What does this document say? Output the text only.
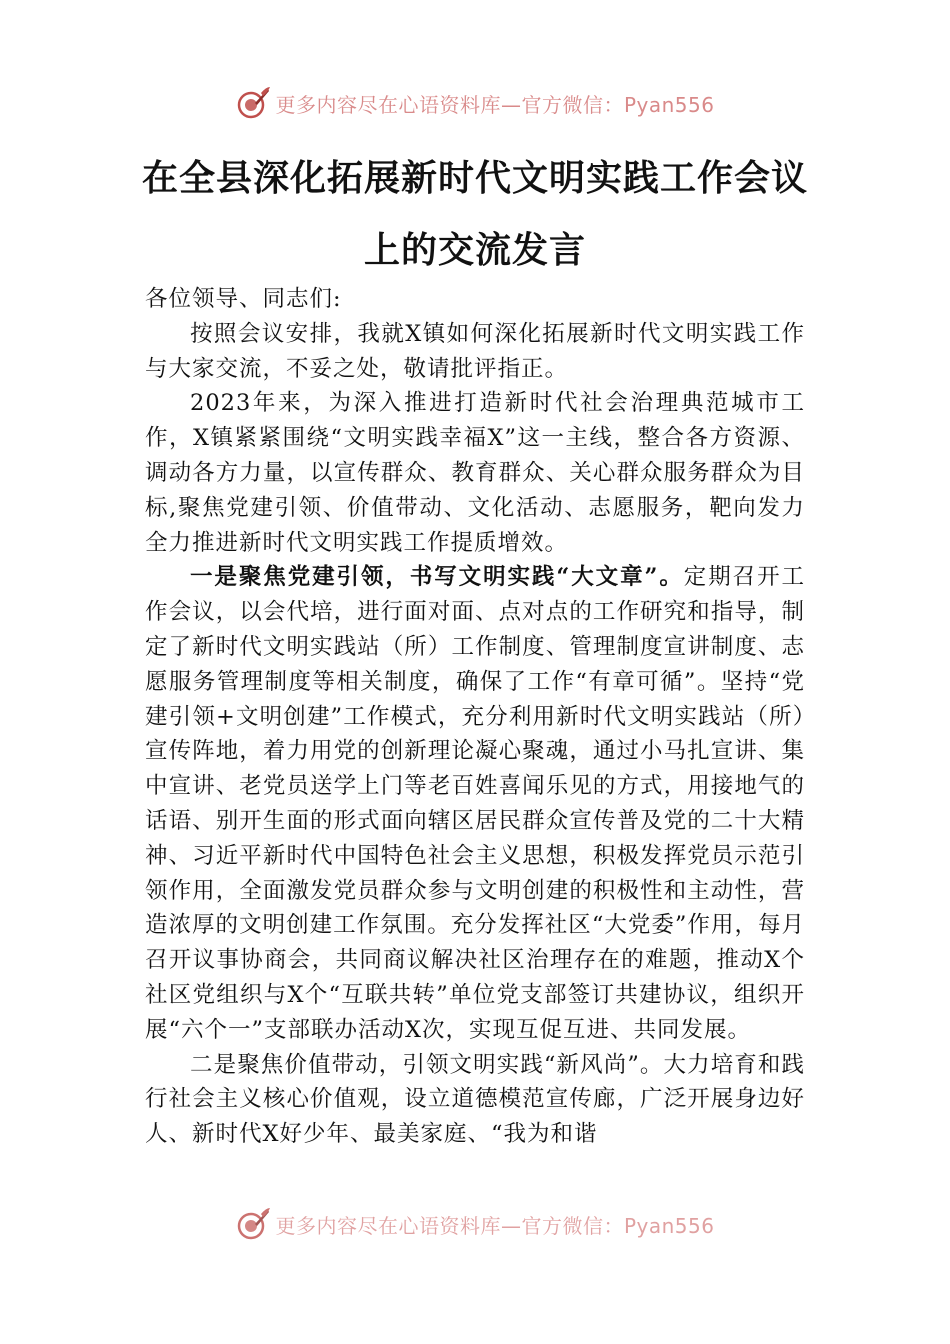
更多内容尽在心语资料库—官方微信：Pyan556
在全县深化拓展新时代文明实践工作会议
上的交流发言

各位领导、同志们:

按照会议安排，我就X镇如何深化拓展新时代文明实践工作与大家交流，不妥之处，敬请批评指正。

2023年来，为深入推进打造新时代社会治理典范城市工作，X镇紧紧围绕“文明实践幸福X”这一主线，整合各方资源、调动各方力量，以宣传群众、教育群众、关心群众服务群众为目标,聚焦党建引领、价值带动、文化活动、志愿服务，靶向发力全力推进新时代文明实践工作提质增效。

一是聚焦党建引领，书写文明实践“大文章”。定期召开工作会议，以会代培，进行面对面、点对点的工作研究和指导，制定了新时代文明实践站（所）工作制度、管理制度宣讲制度、志愿服务管理制度等相关制度，确保了工作“有章可循”。坚持“党建引领+文明创建”工作模式，充分利用新时代文明实践站（所）宣传阵地，着力用党的创新理论凝心聚魂，通过小马扎宣讲、集中宣讲、老党员送学上门等老百姓喜闻乐见的方式，用接地气的话语、别开生面的形式面向辖区居民群众宣传普及党的二十大精神、习近平新时代中国特色社会主义思想，积极发挥党员示范引领作用，全面激发党员群众参与文明创建的积极性和主动性，营造浓厚的文明创建工作氛围。充分发挥社区“大党委”作用，每月召开议事协商会，共同商议解决社区治理存在的难题，推动X个社区党组织与X个“互联共转”单位党支部签订共建协议，组织开展“六个一”支部联办活动X次，实现互促互进、共同发展。

二是聚焦价值带动，引领文明实践“新风尚”。大力培育和践行社会主义核心价值观，设立道德模范宣传廊，广泛开展身边好人、新时代X好少年、最美家庭、“我为和谐

更多内容尽在心语资料库—官方微信：Pyan556
